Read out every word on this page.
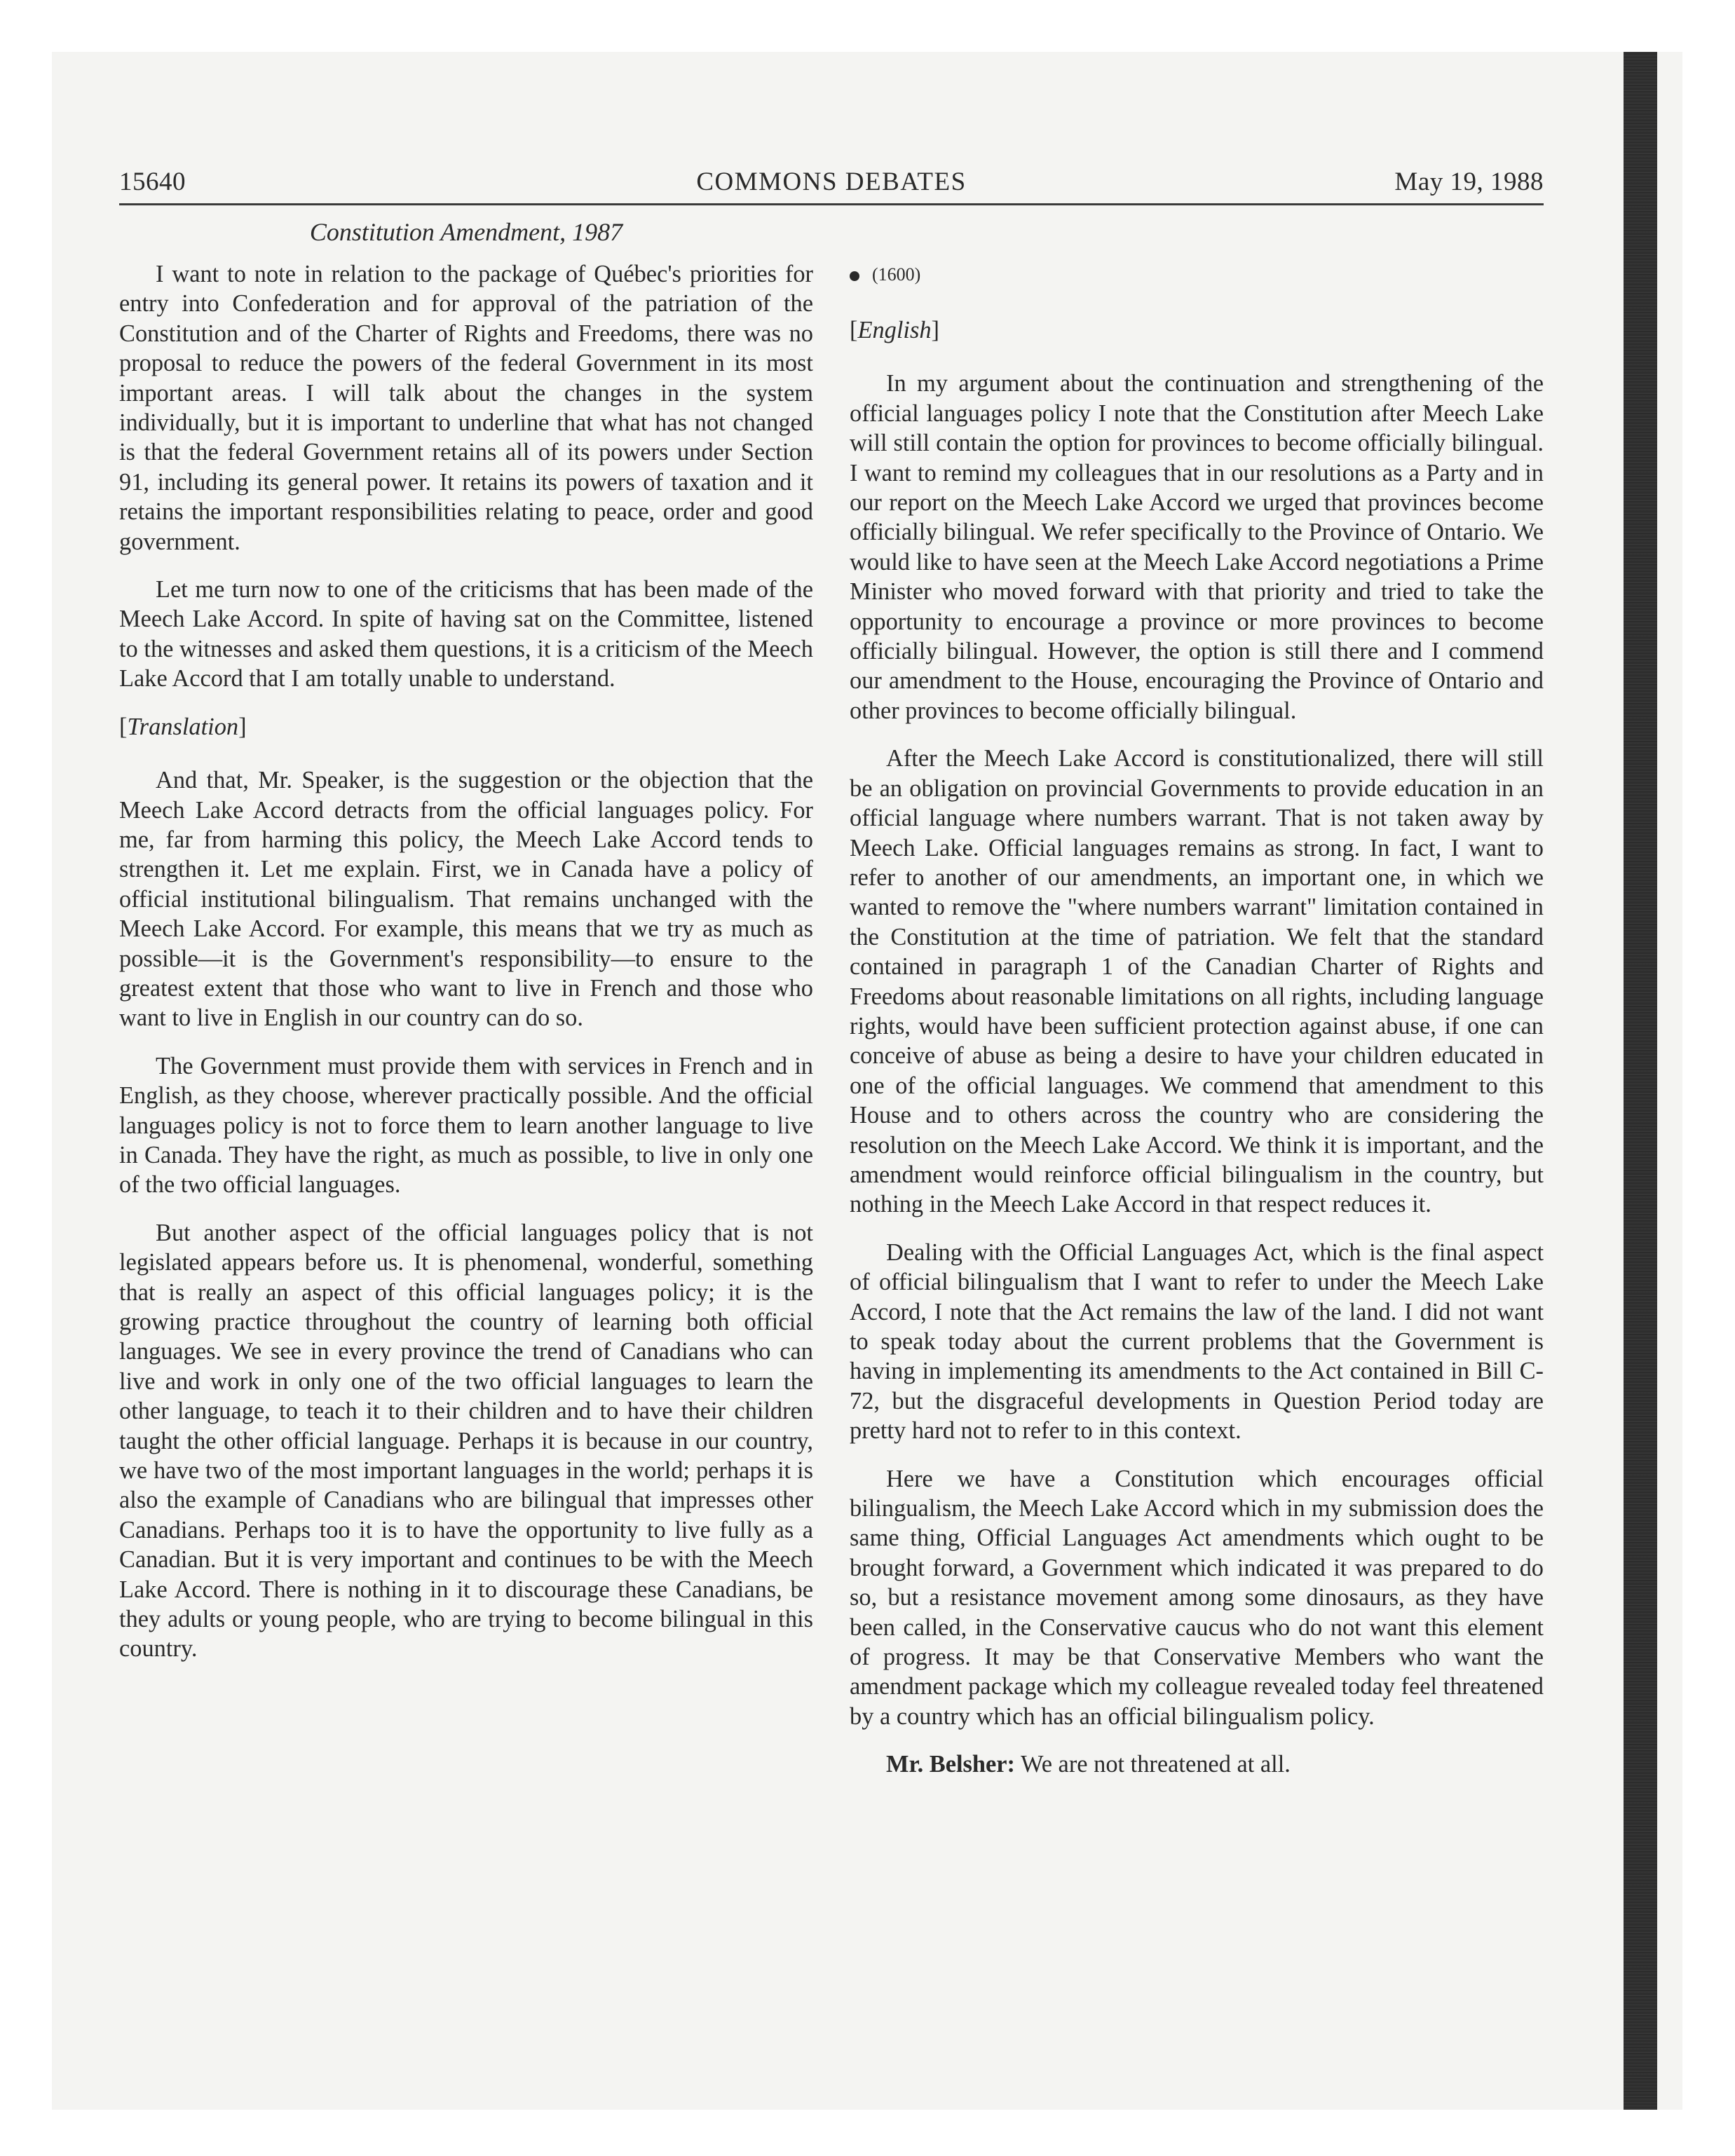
15640	COMMONS DEBATES	May 19, 1988
Constitution Amendment, 1987

I want to note in relation to the package of Québec's priorities for entry into Confederation and for approval of the patriation of the Constitution and of the Charter of Rights and Freedoms, there was no proposal to reduce the powers of the federal Government in its most important areas. I will talk about the changes in the system individually, but it is important to underline that what has not changed is that the federal Government retains all of its powers under Section 91, including its general power. It retains its powers of taxation and it retains the important responsibilities relating to peace, order and good government.

Let me turn now to one of the criticisms that has been made of the Meech Lake Accord. In spite of having sat on the Committee, listened to the witnesses and asked them questions, it is a criticism of the Meech Lake Accord that I am totally unable to understand.

[Translation]

And that, Mr. Speaker, is the suggestion or the objection that the Meech Lake Accord detracts from the official languages policy. For me, far from harming this policy, the Meech Lake Accord tends to strengthen it. Let me explain. First, we in Canada have a policy of official institutional bilingualism. That remains unchanged with the Meech Lake Accord. For example, this means that we try as much as possible—it is the Government's responsibility—to ensure to the greatest extent that those who want to live in French and those who want to live in English in our country can do so.

The Government must provide them with services in French and in English, as they choose, wherever practically possible. And the official languages policy is not to force them to learn another language to live in Canada. They have the right, as much as possible, to live in only one of the two official languages.

But another aspect of the official languages policy that is not legislated appears before us. It is phenomenal, wonderful, something that is really an aspect of this official languages policy; it is the growing practice throughout the country of learning both official languages. We see in every province the trend of Canadians who can live and work in only one of the two official languages to learn the other language, to teach it to their children and to have their children taught the other official language. Perhaps it is because in our country, we have two of the most important languages in the world; perhaps it is also the example of Canadians who are bilingual that impresses other Canadians. Perhaps too it is to have the opportunity to live fully as a Canadian. But it is very important and continues to be with the Meech Lake Accord. There is nothing in it to discourage these Canadians, be they adults or young people, who are trying to become bilingual in this country.

(1600)
[English]

In my argument about the continuation and strengthening of the official languages policy I note that the Constitution after Meech Lake will still contain the option for provinces to become officially bilingual. I want to remind my colleagues that in our resolutions as a Party and in our report on the Meech Lake Accord we urged that provinces become officially bilingual. We refer specifically to the Province of Ontario. We would like to have seen at the Meech Lake Accord negotiations a Prime Minister who moved forward with that priority and tried to take the opportunity to encourage a province or more provinces to become officially bilingual. However, the option is still there and I commend our amendment to the House, encouraging the Province of Ontario and other provinces to become officially bilingual.

After the Meech Lake Accord is constitutionalized, there will still be an obligation on provincial Governments to provide education in an official language where numbers warrant. That is not taken away by Meech Lake. Official languages remains as strong. In fact, I want to refer to another of our amendments, an important one, in which we wanted to remove the "where numbers warrant" limitation contained in the Constitution at the time of patriation. We felt that the standard contained in paragraph 1 of the Canadian Charter of Rights and Freedoms about reasonable limitations on all rights, including language rights, would have been sufficient protection against abuse, if one can conceive of abuse as being a desire to have your children educated in one of the official languages. We commend that amendment to this House and to others across the country who are considering the resolution on the Meech Lake Accord. We think it is important, and the amendment would reinforce official bilingualism in the country, but nothing in the Meech Lake Accord in that respect reduces it.

Dealing with the Official Languages Act, which is the final aspect of official bilingualism that I want to refer to under the Meech Lake Accord, I note that the Act remains the law of the land. I did not want to speak today about the current problems that the Government is having in implementing its amendments to the Act contained in Bill C-72, but the disgraceful developments in Question Period today are pretty hard not to refer to in this context.

Here we have a Constitution which encourages official bilingualism, the Meech Lake Accord which in my submission does the same thing, Official Languages Act amendments which ought to be brought forward, a Government which indicated it was prepared to do so, but a resistance movement among some dinosaurs, as they have been called, in the Conservative caucus who do not want this element of progress. It may be that Conservative Members who want the amendment package which my colleague revealed today feel threatened by a country which has an official bilingualism policy.

Mr. Belsher: We are not threatened at all.
